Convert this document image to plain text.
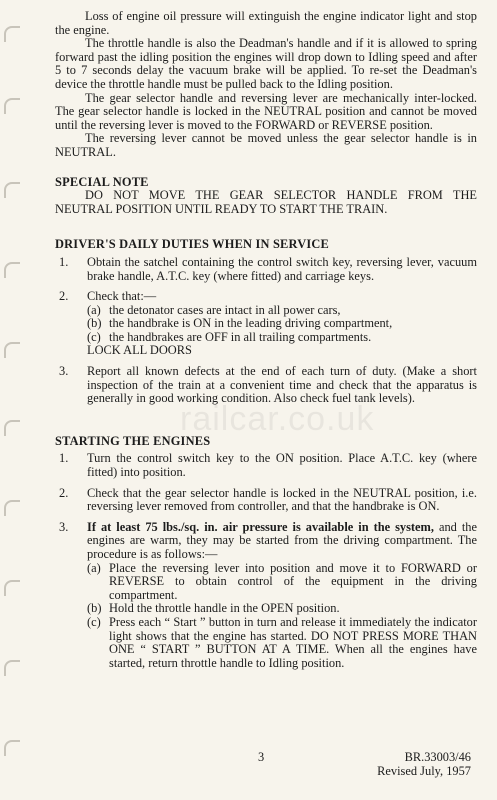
railcar.co.uk

Loss of engine oil pressure will extinguish the engine indicator light and stop the engine.

The throttle handle is also the Deadman's handle and if it is allowed to spring forward past the idling position the engines will drop down to Idling speed and after 5 to 7 seconds delay the vacuum brake will be applied. To re-set the Deadman's device the throttle handle must be pulled back to the Idling position.

The gear selector handle and reversing lever are mechanically inter-locked. The gear selector handle is locked in the NEUTRAL position and cannot be moved until the reversing lever is moved to the FORWARD or REVERSE position.

The reversing lever cannot be moved unless the gear selector handle is in NEUTRAL.

SPECIAL NOTE

DO NOT MOVE THE GEAR SELECTOR HANDLE FROM THE NEUTRAL POSITION UNTIL READY TO START THE TRAIN.

DRIVER'S DAILY DUTIES WHEN IN SERVICE
1. Obtain the satchel containing the control switch key, reversing lever, vacuum brake handle, A.T.C. key (where fitted) and carriage keys.

2. Check that:—

(a) the detonator cases are intact in all power cars,

(b) the handbrake is ON in the leading driving compartment,

(c) the handbrakes are OFF in all trailing compartments.

LOCK ALL DOORS

3. Report all known defects at the end of each turn of duty. (Make a short inspection of the train at a convenient time and check that the apparatus is generally in good working condition. Also check fuel tank levels).

STARTING THE ENGINES
1. Turn the control switch key to the ON position. Place A.T.C. key (where fitted) into position.

2. Check that the gear selector handle is locked in the NEUTRAL position, i.e. reversing lever removed from controller, and that the handbrake is ON.

3. If at least 75 lbs./sq. in. air pressure is available in the system, and the engines are warm, they may be started from the driving compartment. The procedure is as follows:—

(a) Place the reversing lever into position and move it to FORWARD or REVERSE to obtain control of the equipment in the driving compartment.

(b) Hold the throttle handle in the OPEN position.

(c) Press each “ Start ” button in turn and release it immediately the indicator light shows that the engine has started. DO NOT PRESS MORE THAN ONE “ START ” BUTTON AT A TIME. When all the engines have started, return throttle handle to Idling position.

3	BR.33003/46
Revised July, 1957
